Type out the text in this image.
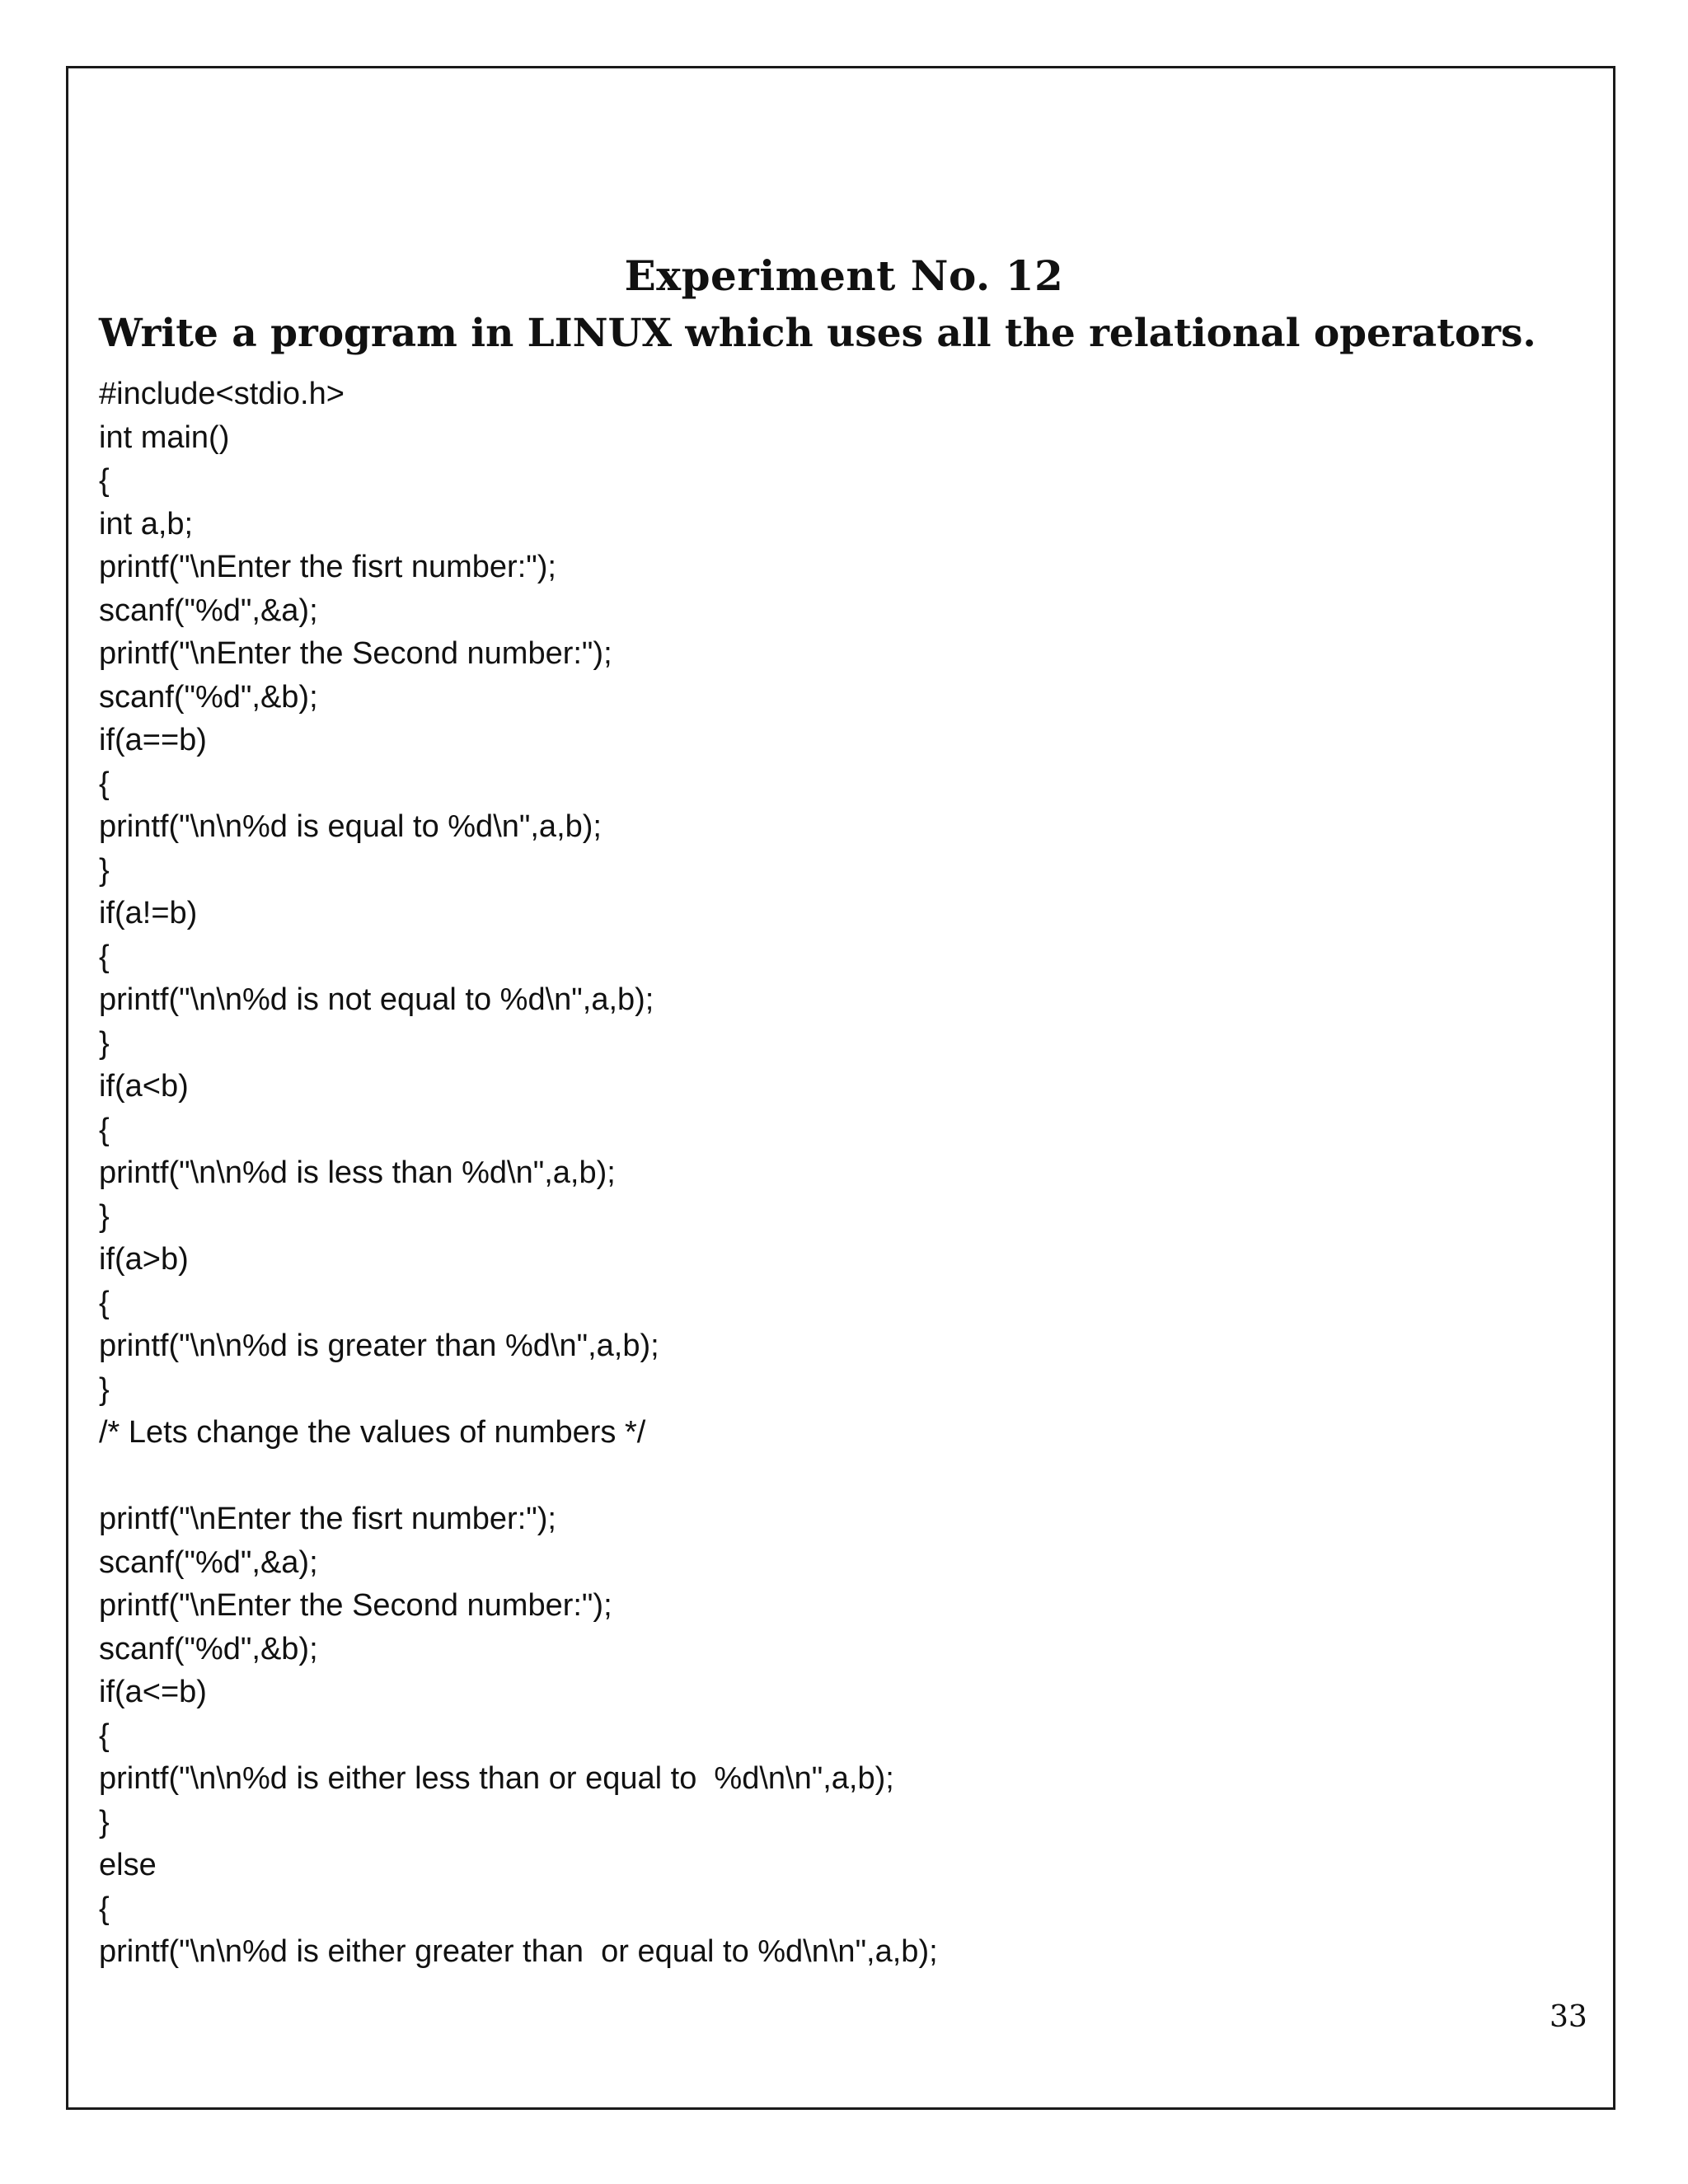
Experiment No. 12
Write a program in LINUX which uses all the relational operators.
#include<stdio.h>
int main()
{
int a,b;
printf("\nEnter the fisrt number:");
scanf("%d",&a);
printf("\nEnter the Second number:");
scanf("%d",&b);
if(a==b)
{
printf("\n\n%d is equal to %d\n",a,b);
}
if(a!=b)
{
printf("\n\n%d is not equal to %d\n",a,b);
}
if(a<b)
{
printf("\n\n%d is less than %d\n",a,b);
}
if(a>b)
{
printf("\n\n%d is greater than %d\n",a,b);
}
/* Lets change the values of numbers */
printf("\nEnter the fisrt number:");
scanf("%d",&a);
printf("\nEnter the Second number:");
scanf("%d",&b);
if(a<=b)
{
printf("\n\n%d is either less than or equal to  %d\n\n",a,b);
}
else
{
printf("\n\n%d is either greater than  or equal to %d\n\n",a,b);
33
